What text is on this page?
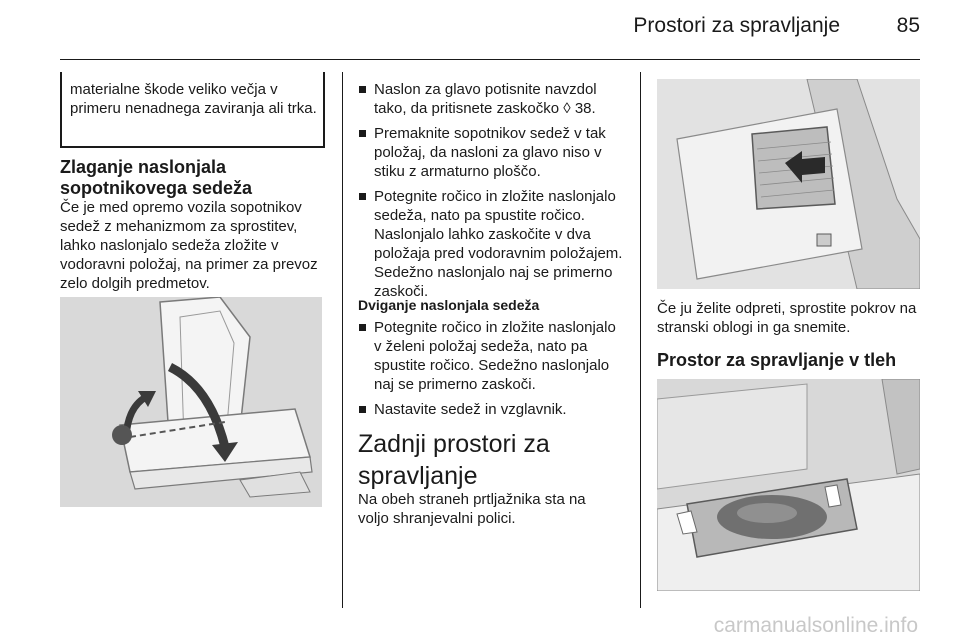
Prostori za spravljanje	85
materialne škode veliko večja v primeru nenadnega zaviranja ali trka.
Zlaganje naslonjala sopotnikovega sedeža
Če je med opremo vozila sopotnikov sedež z mehanizmom za sprostitev, lahko naslonjalo sedeža zložite v vodoravni položaj, na primer za prevoz zelo dolgih predmetov.
Naslon za glavo potisnite navzdol tako, da pritisnete zaskočko ◊ 38.
Premaknite sopotnikov sedež v tak položaj, da nasloni za glavo niso v stiku z armaturno ploščo.
Potegnite ročico in zložite naslonjalo sedeža, nato pa spustite ročico. Naslonjalo lahko zaskočite v dva položaja pred vodoravnim položajem. Sedežno naslonjalo naj se primerno zaskoči.
Dviganje naslonjala sedeža
Potegnite ročico in zložite naslonjalo v želeni položaj sedeža, nato pa spustite ročico. Sedežno naslonjalo naj se primerno zaskoči.
Nastavite sedež in vzglavnik.
Zadnji prostori za spravljanje
Na obeh straneh prtljažnika sta na voljo shranjevalni polici.
Če ju želite odpreti, sprostite pokrov na stranski oblogi in ga snemite.
Prostor za spravljanje v tleh
carmanualsonline.info
